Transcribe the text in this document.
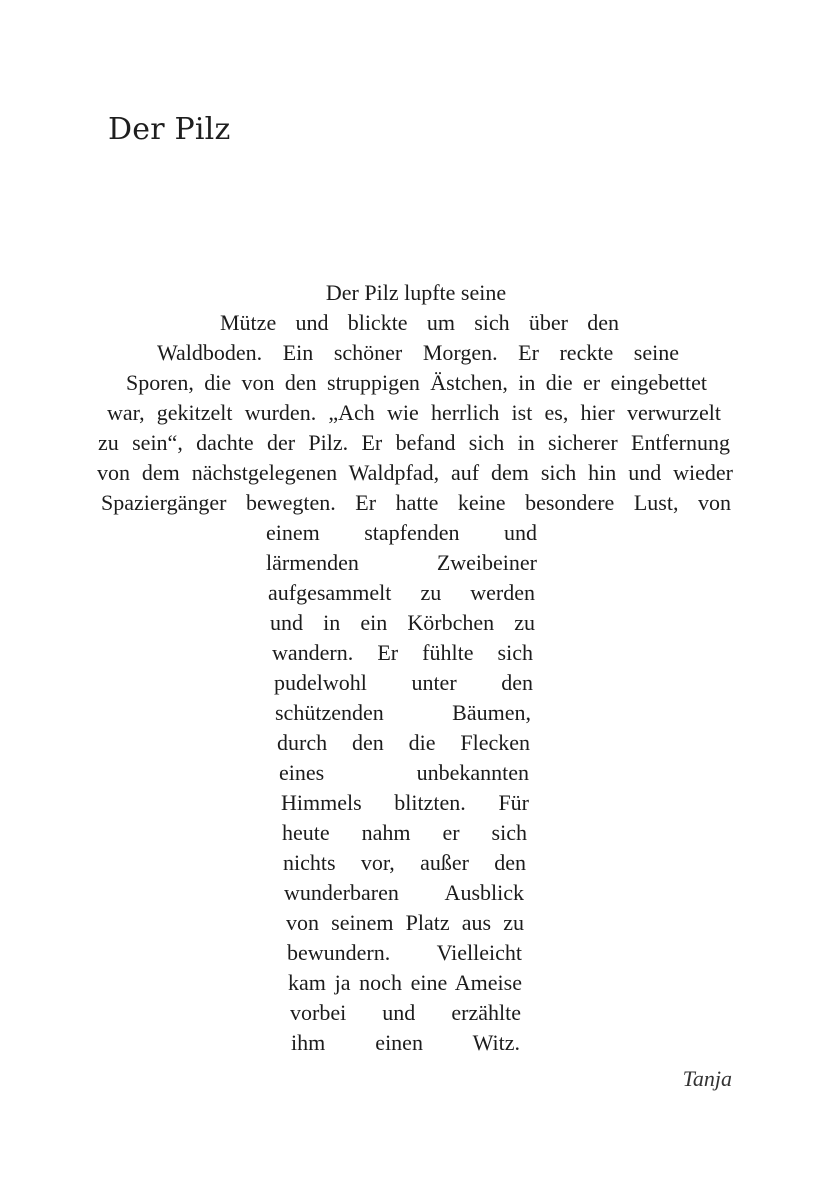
Der Pilz
Der Pilz lupfte seine
Mütze und blickte um sich über den
Waldboden. Ein schöner Morgen. Er reckte seine
Sporen, die von den struppigen Ästchen, in die er eingebettet
war, gekitzelt wurden. „Ach wie herrlich ist es, hier verwurzelt
zu sein“, dachte der Pilz. Er befand sich in sicherer Entfernung
von dem nächstgelegenen Waldpfad, auf dem sich hin und wieder
Spaziergänger bewegten. Er hatte keine besondere Lust, von
einem stapfenden und
lärmenden Zweibeiner
aufgesammelt zu werden
und in ein Körbchen zu
wandern. Er fühlte sich
pudelwohl unter den
schützenden Bäumen,
durch den die Flecken
eines unbekannten
Himmels blitzten. Für
heute nahm er sich
nichts vor, außer den
wunderbaren Ausblick
von seinem Platz aus zu
bewundern. Vielleicht
kam ja noch eine Ameise
vorbei und erzählte
ihm einen Witz.
Tanja
